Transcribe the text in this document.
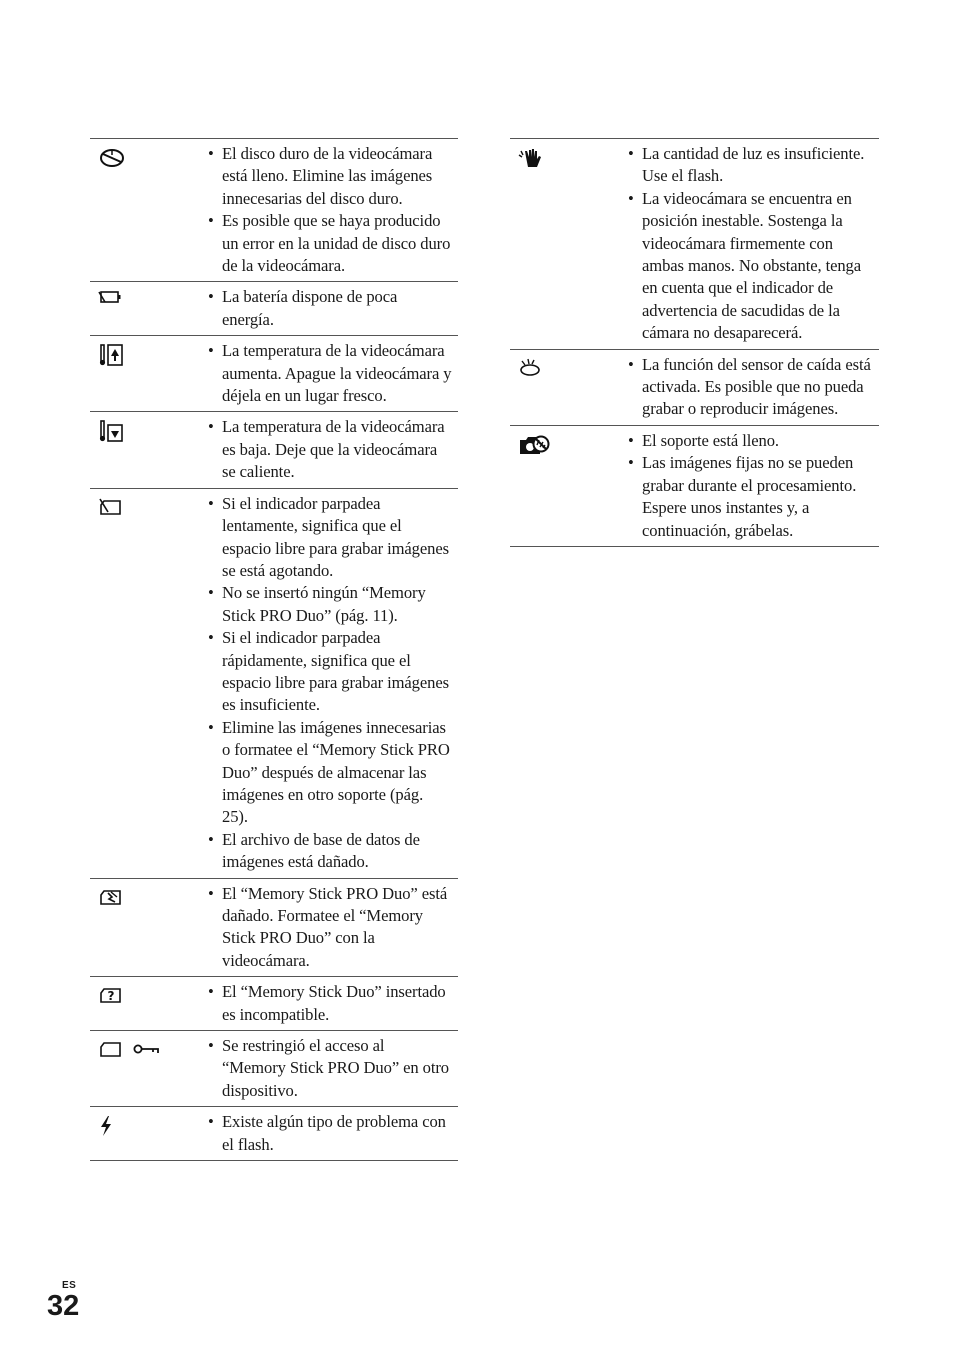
• El disco duro de la videocámara está lleno. Elimine las imágenes innecesarias del disco duro.
• Es posible que se haya producido un error en la unidad de disco duro de la videocámara.
• La batería dispone de poca energía.
• La temperatura de la videocámara aumenta. Apague la videocámara y déjela en un lugar fresco.
• La temperatura de la videocámara es baja. Deje que la videocámara se caliente.
• Si el indicador parpadea lentamente, significa que el espacio libre para grabar imágenes se está agotando.
• No se insertó ningún “Memory Stick PRO Duo” (pág. 11).
• Si el indicador parpadea rápidamente, significa que el espacio libre para grabar imágenes es insuficiente.
• Elimine las imágenes innecesarias o formatee el “Memory Stick PRO Duo” después de almacenar las imágenes en otro soporte (pág. 25).
• El archivo de base de datos de imágenes está dañado.
• El “Memory Stick PRO Duo” está dañado. Formatee el “Memory Stick PRO Duo” con la videocámara.
?
•	El “Memory Stick Duo” insertado es incompatible.
• Se restringió el acceso al “Memory Stick PRO Duo” en otro dispositivo.
• Existe algún tipo de problema con el flash.
• La cantidad de luz es insuficiente. Use el flash.
• La videocámara se encuentra en posición inestable. Sostenga la videocámara firmemente con ambas manos. No obstante, tenga en cuenta que el indicador de advertencia de sacudidas de la cámara no desaparecerá.
• La función del sensor de caída está activada. Es posible que no pueda grabar o reproducir imágenes.
• El soporte está lleno.
• Las imágenes fijas no se pueden grabar durante el procesamiento. Espere unos instantes y, a continuación, grábelas.
ES
32
